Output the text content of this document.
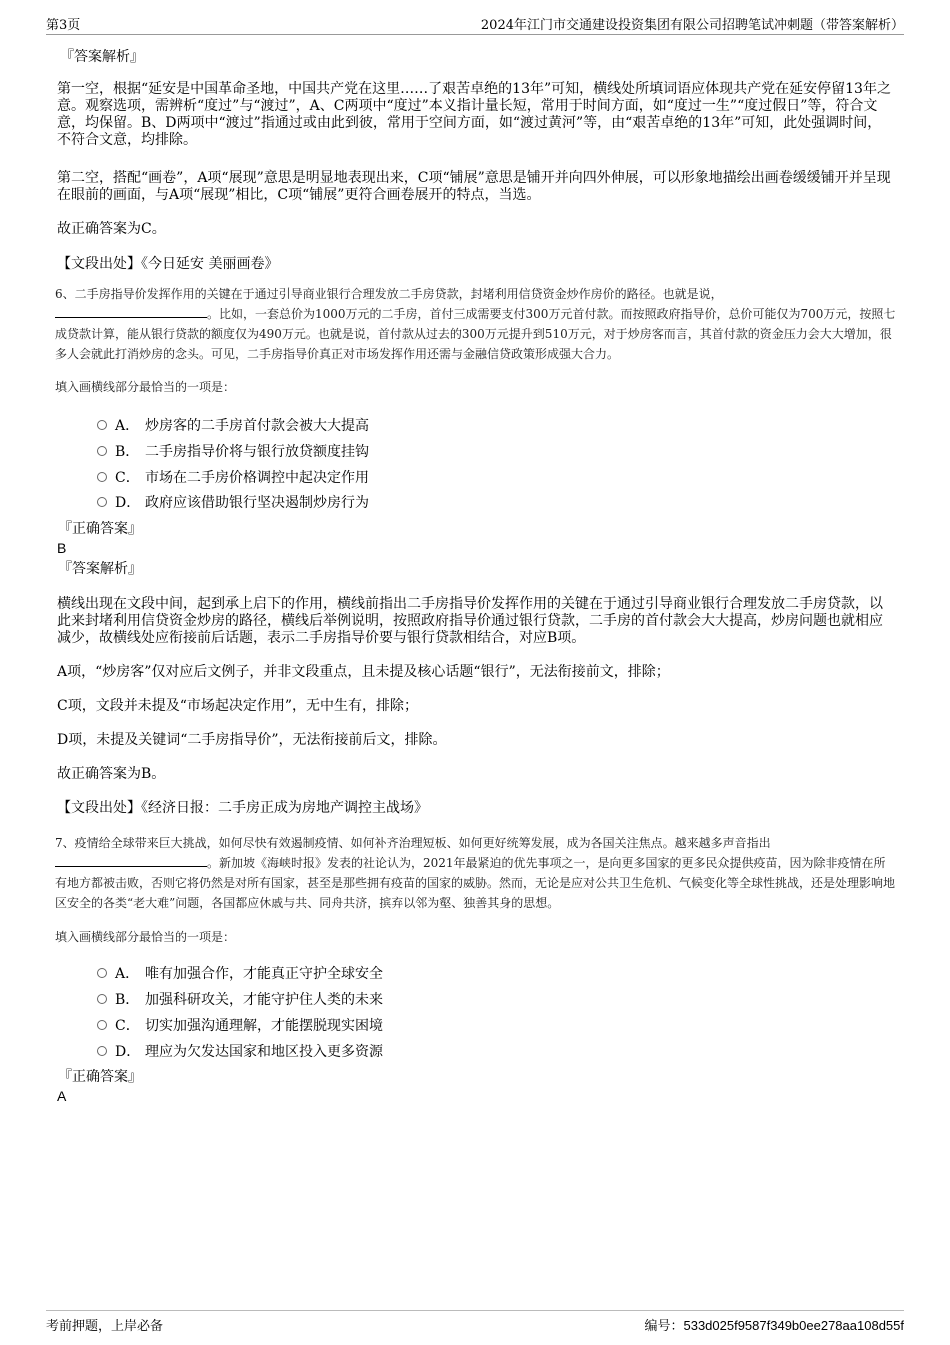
第3页	2024年江门市交通建设投资集团有限公司招聘笔试冲刺题（带答案解析）
『答案解析』
第一空，根据“延安是中国革命圣地，中国共产党在这里……了艰苦卓绝的13年”可知，横线处所填词语应体现共产党在延安停留13年之意。观察选项，需辨析“度过”与“渡过”，A、C两项中“度过”本义指计量长短，常用于时间方面，如“度过一生”“度过假日”等，符合文意，均保留。B、D两项中“渡过”指通过或由此到彼，常用于空间方面，如“渡过黄河”等，由“艰苦卓绝的13年”可知，此处强调时间，不符合文意，均排除。
第二空，搭配“画卷”，A项“展现”意思是明显地表现出来，C项“铺展”意思是铺开并向四外伸展，可以形象地描绘出画卷缓缓铺开并呈现在眼前的画面，与A项“展现”相比，C项“铺展”更符合画卷展开的特点，当选。
故正确答案为C。
【文段出处】《今日延安 美丽画卷》
6、二手房指导价发挥作用的关键在于通过引导商业银行合理发放二手房贷款，封堵利用信贷资金炒作房价的路径。也就是说，
。比如，一套总价为1000万元的二手房，首付三成需要支付300万元首付款。而按照政府指导价，总价可能仅为700万元，按照七成贷款计算，能从银行贷款的额度仅为490万元。也就是说，首付款从过去的300万元提升到510万元，对于炒房客而言，其首付款的资金压力会大大增加，很多人会就此打消炒房的念头。可见，二手房指导价真正对市场发挥作用还需与金融信贷政策形成强大合力。
填入画横线部分最恰当的一项是：
A． 炒房客的二手房首付款会被大大提高
B． 二手房指导价将与银行放贷额度挂钩
C． 市场在二手房价格调控中起决定作用
D． 政府应该借助银行坚决遏制炒房行为
『正确答案』
B
『答案解析』
横线出现在文段中间，起到承上启下的作用，横线前指出二手房指导价发挥作用的关键在于通过引导商业银行合理发放二手房贷款，以此来封堵利用信贷资金炒房的路径，横线后举例说明，按照政府指导价通过银行贷款，二手房的首付款会大大提高，炒房问题也就相应减少，故横线处应衔接前后话题，表示二手房指导价要与银行贷款相结合，对应B项。
A项，“炒房客”仅对应后文例子，并非文段重点，且未提及核心话题“银行”，无法衔接前文，排除；
C项，文段并未提及“市场起决定作用”，无中生有，排除；
D项，未提及关键词“二手房指导价”，无法衔接前后文，排除。
故正确答案为B。
【文段出处】《经济日报：二手房正成为房地产调控主战场》
7、疫情给全球带来巨大挑战，如何尽快有效遏制疫情、如何补齐治理短板、如何更好统筹发展，成为各国关注焦点。越来越多声音指出
。新加坡《海峡时报》发表的社论认为，2021年最紧迫的优先事项之一，是向更多国家的更多民众提供疫苗，因为除非疫情在所有地方都被击败，否则它将仍然是对所有国家，甚至是那些拥有疫苗的国家的威胁。然而，无论是应对公共卫生危机、气候变化等全球性挑战，还是处理影响地区安全的各类“老大难”问题，各国都应休戚与共、同舟共济，摈弃以邻为壑、独善其身的思想。
填入画横线部分最恰当的一项是：
A． 唯有加强合作，才能真正守护全球安全
B． 加强科研攻关，才能守护住人类的未来
C． 切实加强沟通理解，才能摆脱现实困境
D． 理应为欠发达国家和地区投入更多资源
『正确答案』
A
考前押题，上岸必备	编号：533d025f9587f349b0ee278aa108d55f
